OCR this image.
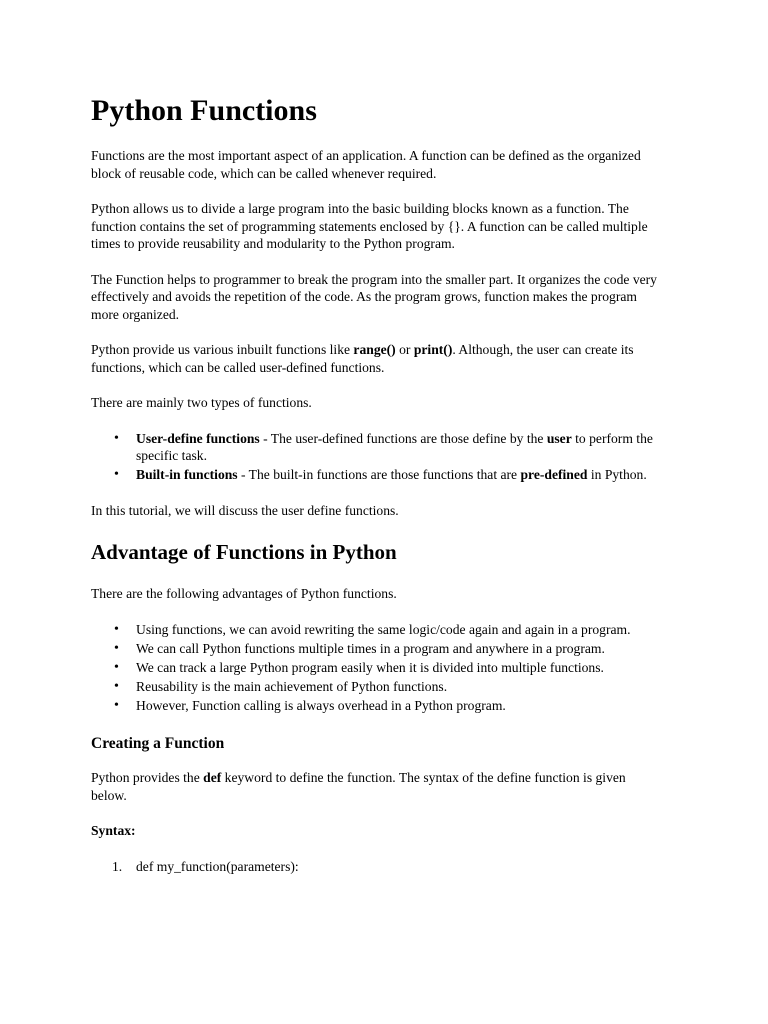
Python Functions

Functions are the most important aspect of an application. A function can be defined as the organized block of reusable code, which can be called whenever required.

Python allows us to divide a large program into the basic building blocks known as a function. The function contains the set of programming statements enclosed by {}. A function can be called multiple times to provide reusability and modularity to the Python program.

The Function helps to programmer to break the program into the smaller part. It organizes the code very effectively and avoids the repetition of the code. As the program grows, function makes the program more organized.

Python provide us various inbuilt functions like range() or print(). Although, the user can create its functions, which can be called user-defined functions.

There are mainly two types of functions.

• User-define functions - The user-defined functions are those define by the user to perform the specific task.
• Built-in functions - The built-in functions are those functions that are pre-defined in Python.

In this tutorial, we will discuss the user define functions.

Advantage of Functions in Python

There are the following advantages of Python functions.

• Using functions, we can avoid rewriting the same logic/code again and again in a program.
• We can call Python functions multiple times in a program and anywhere in a program.
• We can track a large Python program easily when it is divided into multiple functions.
• Reusability is the main achievement of Python functions.
• However, Function calling is always overhead in a Python program.
Creating a Function

Python provides the def keyword to define the function. The syntax of the define function is given below.

Syntax:

1. def my_function(parameters):
